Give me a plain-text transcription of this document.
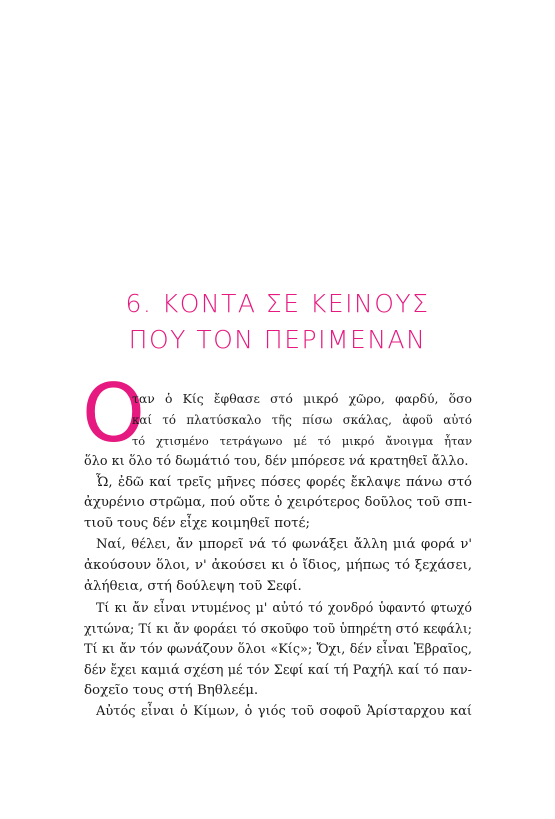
6. ΚΟΝΤΑ ΣΕ ΚΕΙΝΟΥΣ
ΠΟΥ ΤΟΝ ΠΕΡΙΜΕΝΑΝ
Ο
ταν ὁ Κίς ἔφθασε στό μικρό χῶρο, φαρδύ, ὅσο
καί τό πλατύσκαλο τῆς πίσω σκάλας, ἀφοῦ αὐτό
τό χτισμένο τετράγωνο μέ τό μικρό ἄνοιγμα ἦταν
ὅλο κι ὅλο τό δωμάτιό του, δέν μπόρεσε νά κρατηθεῖ ἄλλο.
Ὦ, ἐδῶ καί τρεῖς μῆνες πόσες φορές ἔκλαψε πάνω στό
ἀχυρένιο στρῶμα, πού οὔτε ὁ χειρότερος δοῦλος τοῦ σπι-
τιοῦ τους δέν εἶχε κοιμηθεῖ ποτέ;
Ναί, θέλει, ἄν μπορεῖ νά τό φωνάξει ἄλλη μιά φορά ν'
ἀκούσουν ὅλοι, ν' ἀκούσει κι ὁ ἴδιος, μήπως τό ξεχάσει,
ἀλήθεια, στή δούλεψη τοῦ Σεφί.
Τί κι ἄν εἶναι ντυμένος μ' αὐτό τό χονδρό ὑφαντό φτωχό
χιτώνα; Τί κι ἄν φοράει τό σκοῦφο τοῦ ὑπηρέτη στό κεφάλι;
Τί κι ἄν τόν φωνάζουν ὅλοι «Κίς»; Ὄχι, δέν εἶναι Ἑβραῖος,
δέν ἔχει καμιά σχέση μέ τόν Σεφί καί τή Ραχήλ καί τό παν-
δοχεῖο τους στή Βηθλεέμ.
Αὐτός εἶναι ὁ Κίμων, ὁ γιός τοῦ σοφοῦ Ἀρίσταρχου καί
